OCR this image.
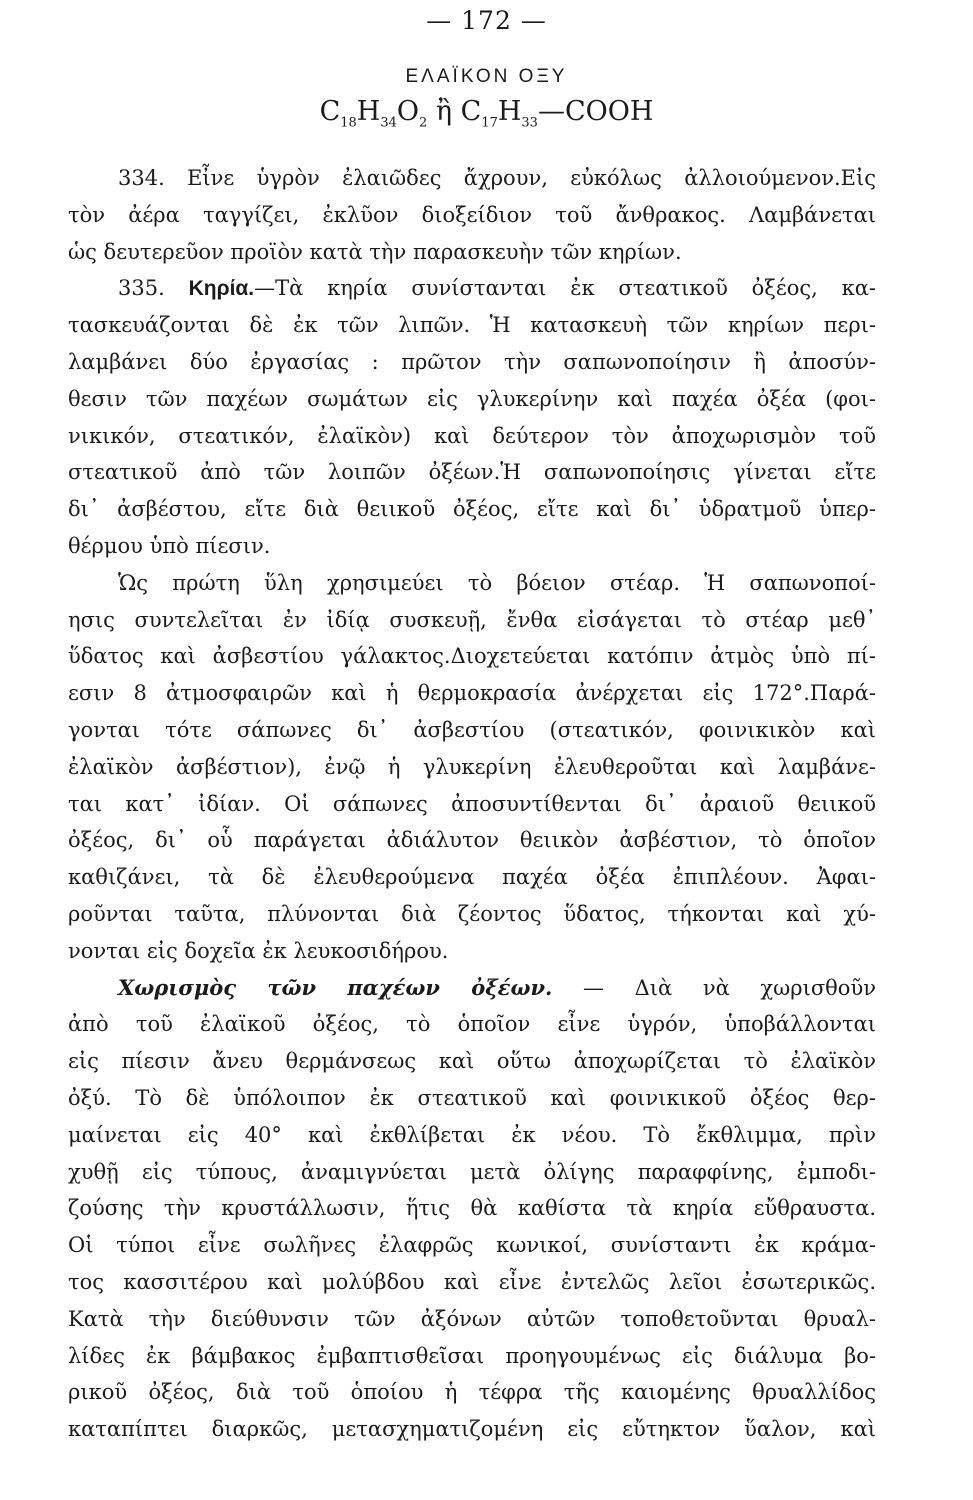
— 172 —
ΕΛΑΪΚΟΝ ΟΞΥ
$C_{18}H_{34}O_2$ ἢ $C_{17}H_{33}—COOH$
334. Εἶνε ὑγρὸν ἐλαιῶδες ἄχρουν, εὐκόλως ἀλλοιούμενον.Εἰς
τὸν ἀέρα ταγγίζει, ἐκλῦον διοξείδιον τοῦ ἄνθρακος. Λαμβάνεται
ὡς δευτερεῦον προϊὸν κατὰ τὴν παρασκευὴν τῶν κηρίων.
335. Κηρία.—Τὰ κηρία συνίστανται ἐκ στεατικοῦ ὀξέος, κα-
τασκευάζονται δὲ ἐκ τῶν λιπῶν. Ἡ κατασκευὴ τῶν κηρίων περι-
λαμβάνει δύο ἐργασίας : πρῶτον τὴν σαπωνοποίησιν ἢ ἀποσύν-
θεσιν τῶν παχέων σωμάτων εἰς γλυκερίνην καὶ παχέα ὀξέα (φοι-
νικικόν, στεατικόν, ἐλαϊκὸν) καὶ δεύτερον τὸν ἀποχωρισμὸν τοῦ
στεατικοῦ ἀπὸ τῶν λοιπῶν ὀξέων.Ἡ σαπωνοποίησις γίνεται εἴτε
δι᾽ ἀσβέστου, εἴτε διὰ θειικοῦ ὀξέος, εἴτε καὶ δι᾽ ὑδρατμοῦ ὑπερ-
θέρμου ὑπὸ πίεσιν.
Ὡς πρώτη ὕλη χρησιμεύει τὸ βόειον στέαρ. Ἡ σαπωνοποί-
ησις συντελεῖται ἐν ἰδίᾳ συσκευῇ, ἔνθα εἰσάγεται τὸ στέαρ μεθ᾽
ὕδατος καὶ ἀσβεστίου γάλακτος.Διοχετεύεται κατόπιν ἀτμὸς ὑπὸ πί-
εσιν 8 ἀτμοσφαιρῶν καὶ ἡ θερμοκρασία ἀνέρχεται εἰς 172°.Παρά-
γονται τότε σάπωνες δι᾽ ἀσβεστίου (στεατικόν, φοινικικὸν καὶ
ἐλαϊκὸν ἀσβέστιον), ἐνῷ ἡ γλυκερίνη ἐλευθεροῦται καὶ λαμβάνε-
ται κατ᾽ ἰδίαν. Οἱ σάπωνες ἀποσυντίθενται δι᾽ ἀραιοῦ θειικοῦ
ὀξέος, δι᾽ οὗ παράγεται ἀδιάλυτον θειικὸν ἀσβέστιον, τὸ ὁποῖον
καθιζάνει, τὰ δὲ ἐλευθερούμενα παχέα ὀξέα ἐπιπλέουν. Ἀφαι-
ροῦνται ταῦτα, πλύνονται διὰ ζέοντος ὕδατος, τήκονται καὶ χύ-
νονται εἰς δοχεῖα ἐκ λευκοσιδήρου.
Χωρισμὸς τῶν παχέων ὀξέων. — Διὰ νὰ χωρισθοῦν
ἀπὸ τοῦ ἐλαϊκοῦ ὀξέος, τὸ ὁποῖον εἶνε ὑγρόν, ὑποβάλλονται
εἰς πίεσιν ἄνευ θερμάνσεως καὶ οὕτω ἀποχωρίζεται τὸ ἐλαϊκὸν
ὀξύ. Τὸ δὲ ὑπόλοιπον ἐκ στεατικοῦ καὶ φοινικικοῦ ὀξέος θερ-
μαίνεται εἰς 40° καὶ ἐκθλίβεται ἐκ νέου. Τὸ ἔκθλιμμα, πρὶν
χυθῇ εἰς τύπους, ἀναμιγνύεται μετὰ ὀλίγης παραφφίνης, ἐμποδι-
ζούσης τὴν κρυστάλλωσιν, ἥτις θὰ καθίστα τὰ κηρία εὔθραυστα.
Οἱ τύποι εἶνε σωλῆνες ἐλαφρῶς κωνικοί, συνίσταντι ἐκ κράμα-
τος κασσιτέρου καὶ μολύβδου καὶ εἶνε ἐντελῶς λεῖοι ἐσωτερικῶς.
Κατὰ τὴν διεύθυνσιν τῶν ἀξόνων αὐτῶν τοποθετοῦνται θρυαλ-
λίδες ἐκ βάμβακος ἐμβαπτισθεῖσαι προηγουμένως εἰς διάλυμα βο-
ρικοῦ ὀξέος, διὰ τοῦ ὁποίου ἡ τέφρα τῆς καιομένης θρυαλλίδος
καταπίπτει διαρκῶς, μετασχηματιζομένη εἰς εὔτηκτον ὕαλον, καὶ
